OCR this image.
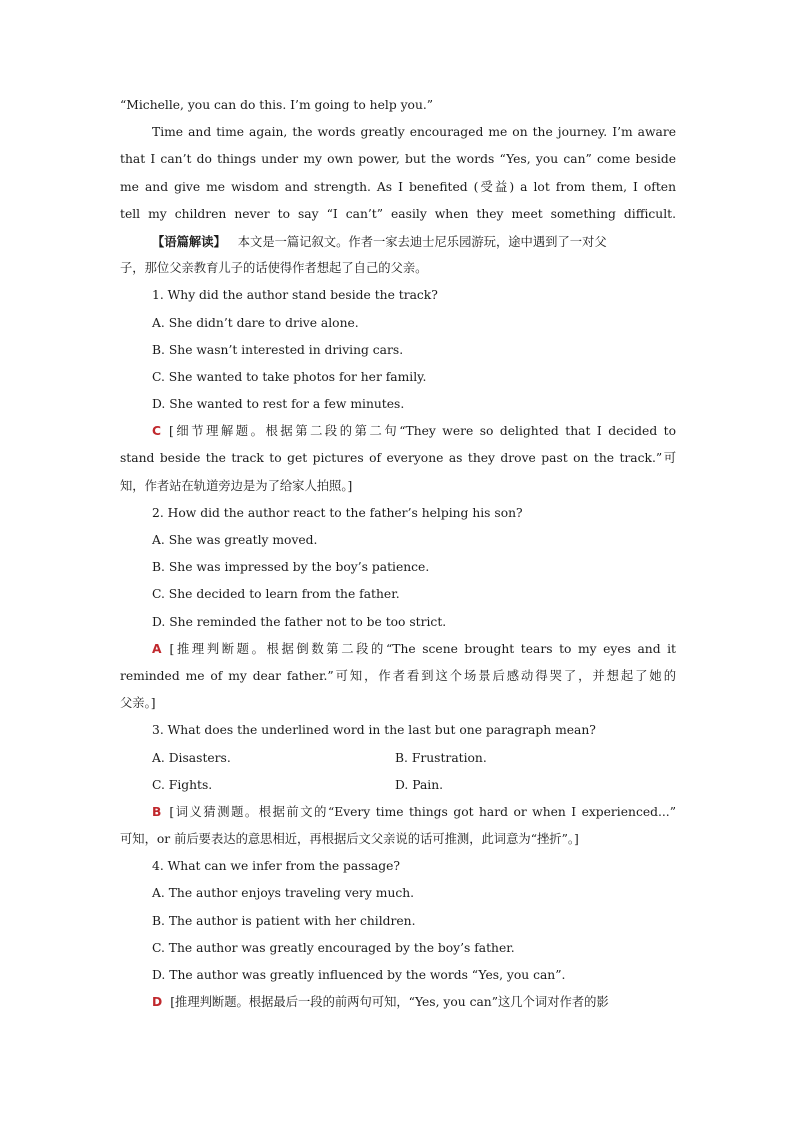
“Michelle, you can do this. I’m going to help you.”
Time and time again, the words greatly encouraged me on the journey. I’m aware
that I can’t do things under my own power, but the words “Yes, you can” come beside
me and give me wisdom and strength. As I benefited (受益) a lot from them, I often
tell my children never to say “I can’t” easily when they meet something difficult.
【语篇解读】 本文是一篇记叙文。作者一家去迪士尼乐园游玩，途中遇到了一对父
子，那位父亲教育儿子的话使得作者想起了自己的父亲。
1. Why did the author stand beside the track?
A. She didn’t dare to drive alone.
B. She wasn’t interested in driving cars.
C. She wanted to take photos for her family.
D. She wanted to rest for a few minutes.
C [细节理解题。根据第二段的第二句“They were so delighted that I decided to
stand beside the track to get pictures of everyone as they drove past on the track.”可
知，作者站在轨道旁边是为了给家人拍照。]
2. How did the author react to the father’s helping his son?
A. She was greatly moved.
B. She was impressed by the boy’s patience.
C. She decided to learn from the father.
D. She reminded the father not to be too strict.
A [推理判断题。根据倒数第二段的“The scene brought tears to my eyes and it
reminded me of my dear father.”可知，作者看到这个场景后感动得哭了，并想起了她的
父亲。]
3. What does the underlined word in the last but one paragraph mean?
A. Disasters.	B. Frustration.
C. Fights.	D. Pain.
B [词义猜测题。根据前文的“Every time things got hard or when I experienced...”
可知，or 前后要表达的意思相近，再根据后文父亲说的话可推测，此词意为“挫折”。]
4. What can we infer from the passage?
A. The author enjoys traveling very much.
B. The author is patient with her children.
C. The author was greatly encouraged by the boy’s father.
D. The author was greatly influenced by the words “Yes, you can”.
D [推理判断题。根据最后一段的前两句可知，“Yes, you can”这几个词对作者的影
